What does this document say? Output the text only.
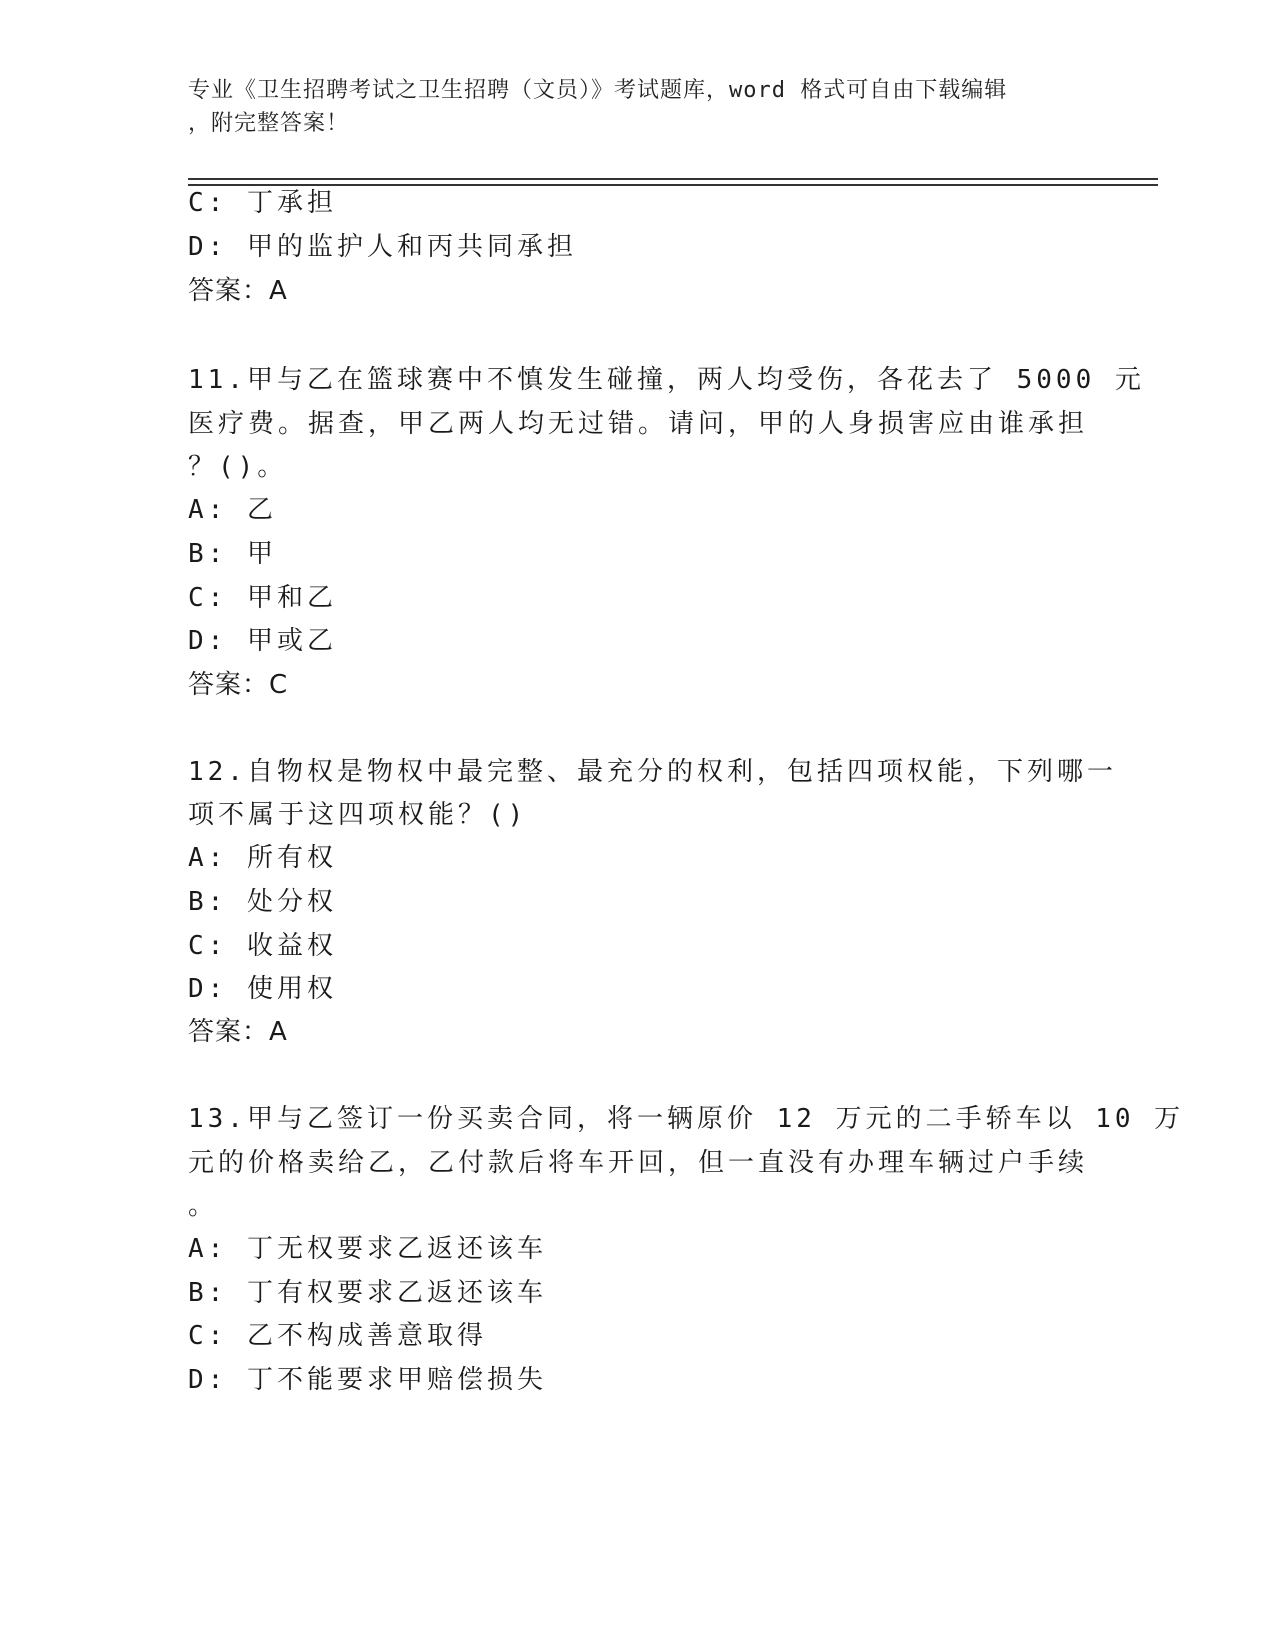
专业《卫生招聘考试之卫生招聘（文员）》考试题库，word 格式可自由下载编辑
，附完整答案！
C: 丁承担
D: 甲的监护人和丙共同承担
答案：A
11.甲与乙在篮球赛中不慎发生碰撞，两人均受伤，各花去了 5000 元
医疗费。据查，甲乙两人均无过错。请问，甲的人身损害应由谁承担
？()。
A: 乙
B: 甲
C: 甲和乙
D: 甲或乙
答案：C
12.自物权是物权中最完整、最充分的权利，包括四项权能，下列哪一
项不属于这四项权能？()
A: 所有权
B: 处分权
C: 收益权
D: 使用权
答案：A
13.甲与乙签订一份买卖合同，将一辆原价 12 万元的二手轿车以 10 万
元的价格卖给乙，乙付款后将车开回，但一直没有办理车辆过户手续
。
A: 丁无权要求乙返还该车
B: 丁有权要求乙返还该车
C: 乙不构成善意取得
D: 丁不能要求甲赔偿损失
